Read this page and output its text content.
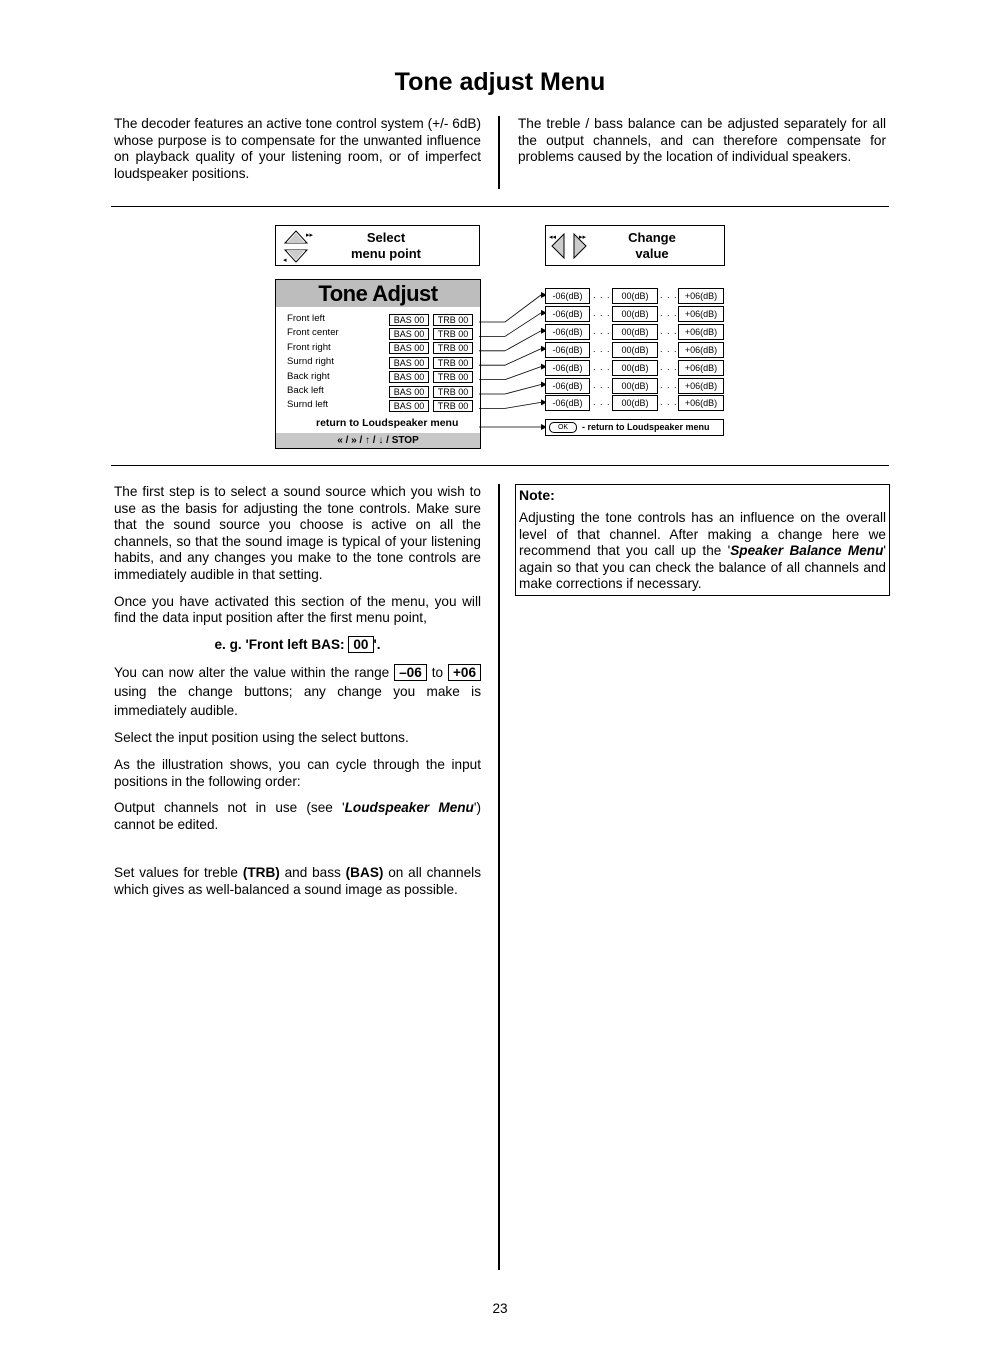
Tone adjust Menu

The decoder features an active tone control system (+/- 6dB) whose purpose is to compensate for the unwanted influence on playback quality of your listening room, or of imperfect loudspeaker positions.

The treble / bass balance can be adjusted separately for all the output channels, and can therefore compensate for problems caused by the location of individual speakers.

▸▸
◂
Select
menu point
◂◂	▸▸	Change
value
Tone Adjust
Front left	BAS 00	TRB 00
Front center	BAS 00	TRB 00
Front right	BAS 00	TRB 00
Surnd right	BAS 00	TRB 00
Back right	BAS 00	TRB 00
Back left	BAS 00	TRB 00
Surnd left	BAS 00	TRB 00
return to Loudspeaker menu
« / » / ↑ / ↓ / STOP
-06(dB)	. . .	00(dB)	. . . +06(dB)
-06(dB)	. . .	00(dB)	. . . +06(dB)
-06(dB)	. . .	00(dB)	. . . +06(dB)
-06(dB)	. . .	00(dB)	. . . +06(dB)
-06(dB)	. . .	00(dB)	. . . +06(dB)
-06(dB)	. . .	00(dB)	. . . +06(dB)
-06(dB)	. . .	00(dB)	. . . +06(dB)
OK	- return to Loudspeaker menu

The first step is to select a sound source which you wish to use as the basis for adjusting the tone controls. Make sure that the sound source you choose is active on all the channels, so that the sound image is typical of your listening habits, and any changes you make to the tone controls are immediately audible in that setting.

Once you have activated this section of the menu, you will find the data input position after the first menu point,

e. g. 'Front left BAS: 00 '.

You can now alter the value within the range –06 to +06 using the change buttons; any change you make is immediately audible.

Select the input position using the select buttons.

As the illustration shows, you can cycle through the input positions in the following order:

Output channels not in use (see 'Loudspeaker Menu') cannot be edited.

Set values for treble (TRB) and bass (BAS) on all channels which gives as well-balanced a sound image as possible.

Note:

Adjusting the tone controls has an influence on the overall level of that channel. After making a change here we recommend that you call up the 'Speaker Balance Menu' again so that you can check the balance of all channels and make corrections if necessary.

23
